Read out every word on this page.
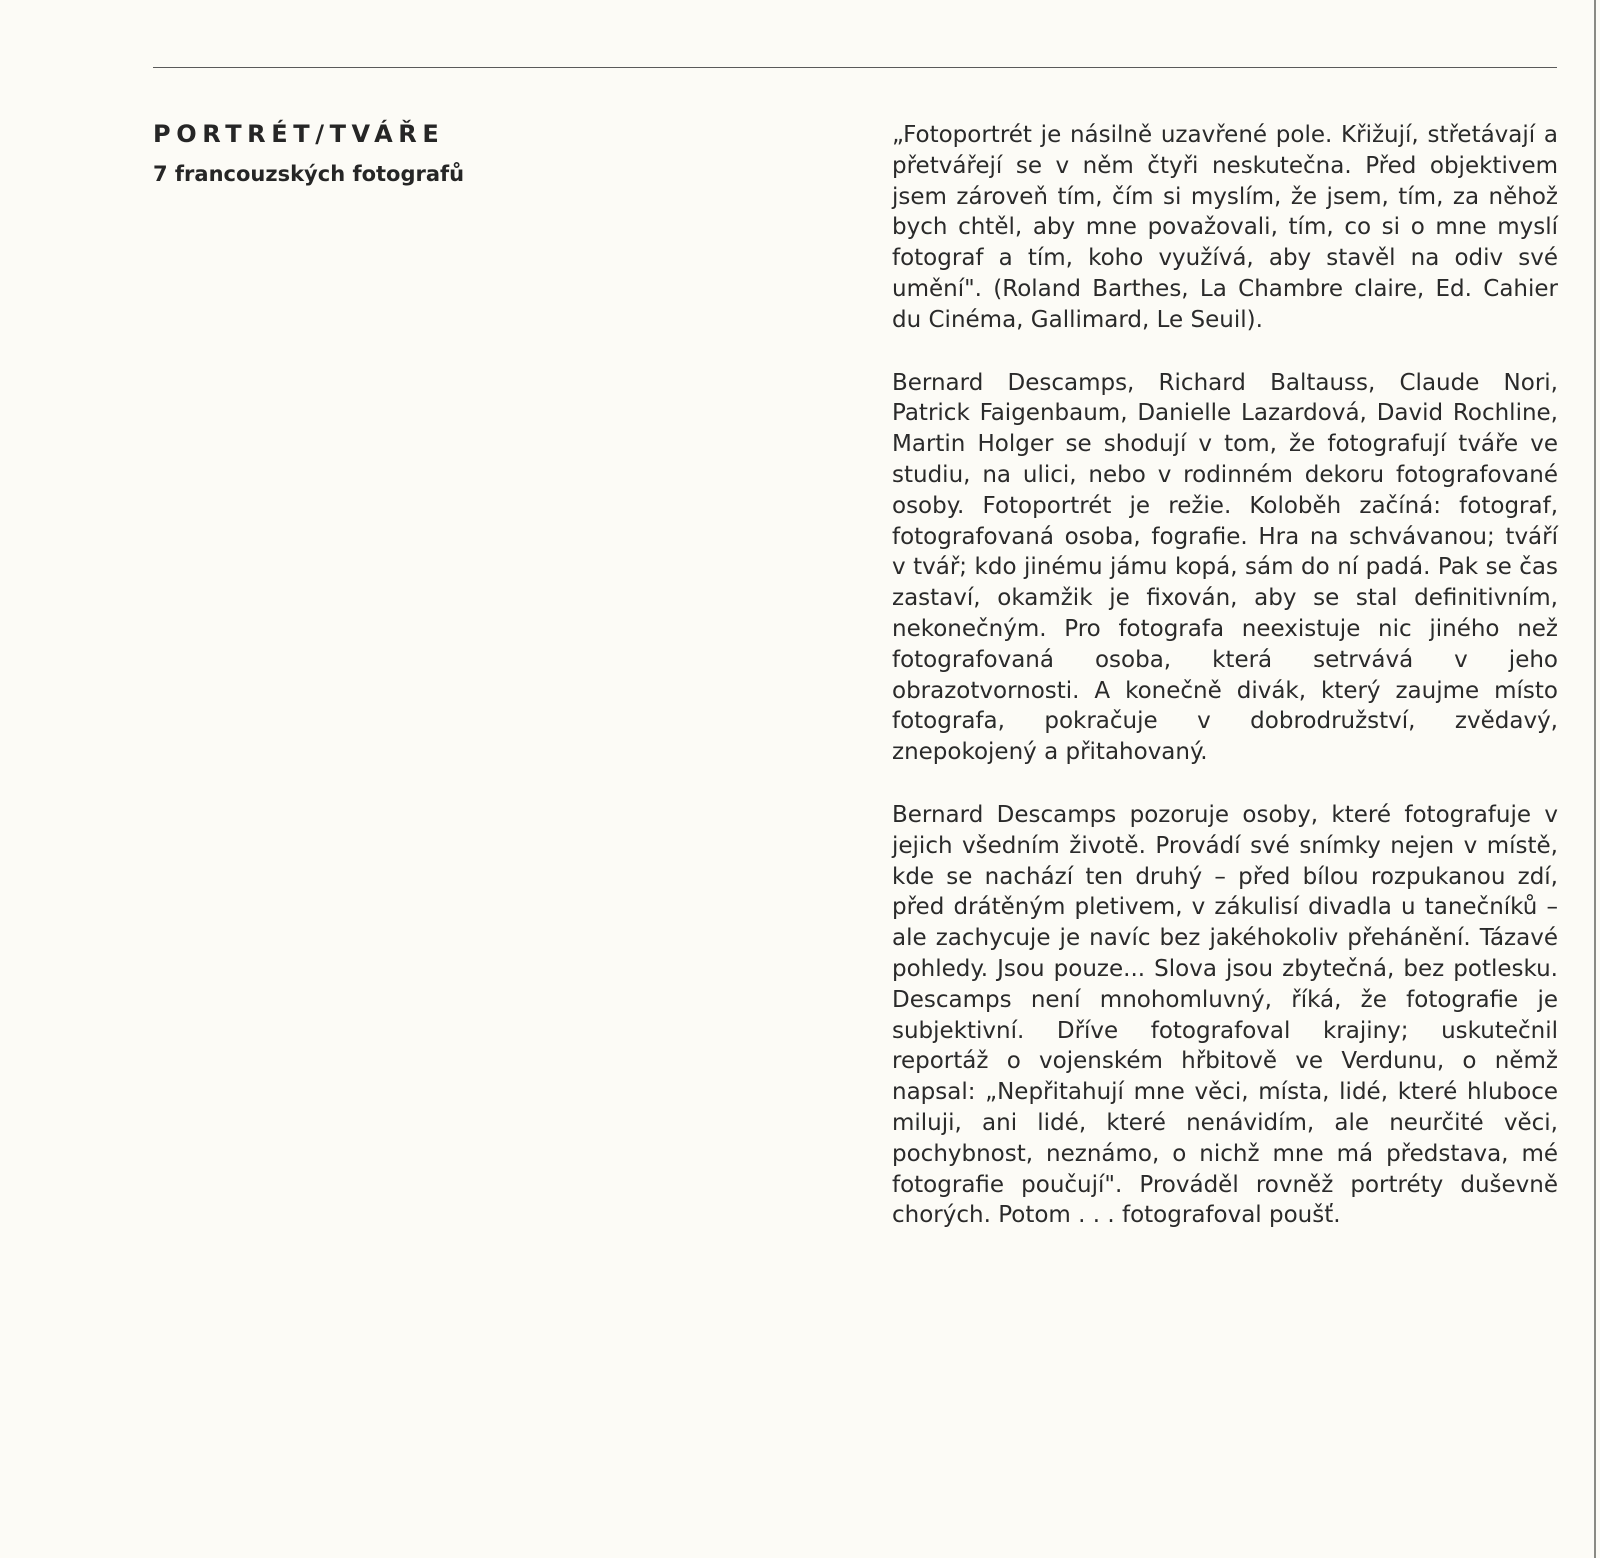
PORTRÉT/TVÁŘE
7 francouzských fotografů

„Fotoportrét je násilně uzavřené pole. Křižují, střetávají a přetvářejí se v něm čtyři neskutečna. Před objektivem jsem zároveň tím, čím si myslím, že jsem, tím, za něhož bych chtěl, aby mne považovali, tím, co si o mne myslí fotograf a tím, koho využívá, aby stavěl na odiv své umění". (Roland Barthes, La Chambre claire, Ed. Cahier du Cinéma, Gallimard, Le Seuil).

Bernard Descamps, Richard Baltauss, Claude Nori, Patrick Faigenbaum, Danielle Lazardová, David Rochline, Martin Holger se shodují v tom, že fotografují tváře ve studiu, na ulici, nebo v rodinném dekoru fotografované osoby. Fotoportrét je režie. Koloběh začíná: fotograf, fotografovaná osoba, fografie. Hra na schvávanou; tváří v tvář; kdo jinému jámu kopá, sám do ní padá. Pak se čas zastaví, okamžik je fixován, aby se stal definitivním, nekonečným. Pro fotografa neexistuje nic jiného než fotografovaná osoba, která setrvává v jeho obrazotvornosti. A konečně divák, který zaujme místo fotografa, pokračuje v dobrodružství, zvědavý, znepokojený a přitahovaný.

Bernard Descamps pozoruje osoby, které fotografuje v jejich všedním životě. Provádí své snímky nejen v místě, kde se nachází ten druhý – před bílou rozpukanou zdí, před drátěným pletivem, v zákulisí divadla u tanečníků – ale zachycuje je navíc bez jakéhokoliv přehánění. Tázavé pohledy. Jsou pouze... Slova jsou zbytečná, bez potlesku. Descamps není mnohomluvný, říká, že fotografie je subjektivní. Dříve fotografoval krajiny; uskutečnil reportáž o vojenském hřbitově ve Verdunu, o němž napsal: „Nepřitahují mne věci, místa, lidé, které hluboce miluji, ani lidé, které nenávidím, ale neurčité věci, pochybnost, neznámo, o nichž mne má představa, mé fotografie poučují". Prováděl rovněž portréty duševně chorých. Potom . . . fotografoval poušť.
